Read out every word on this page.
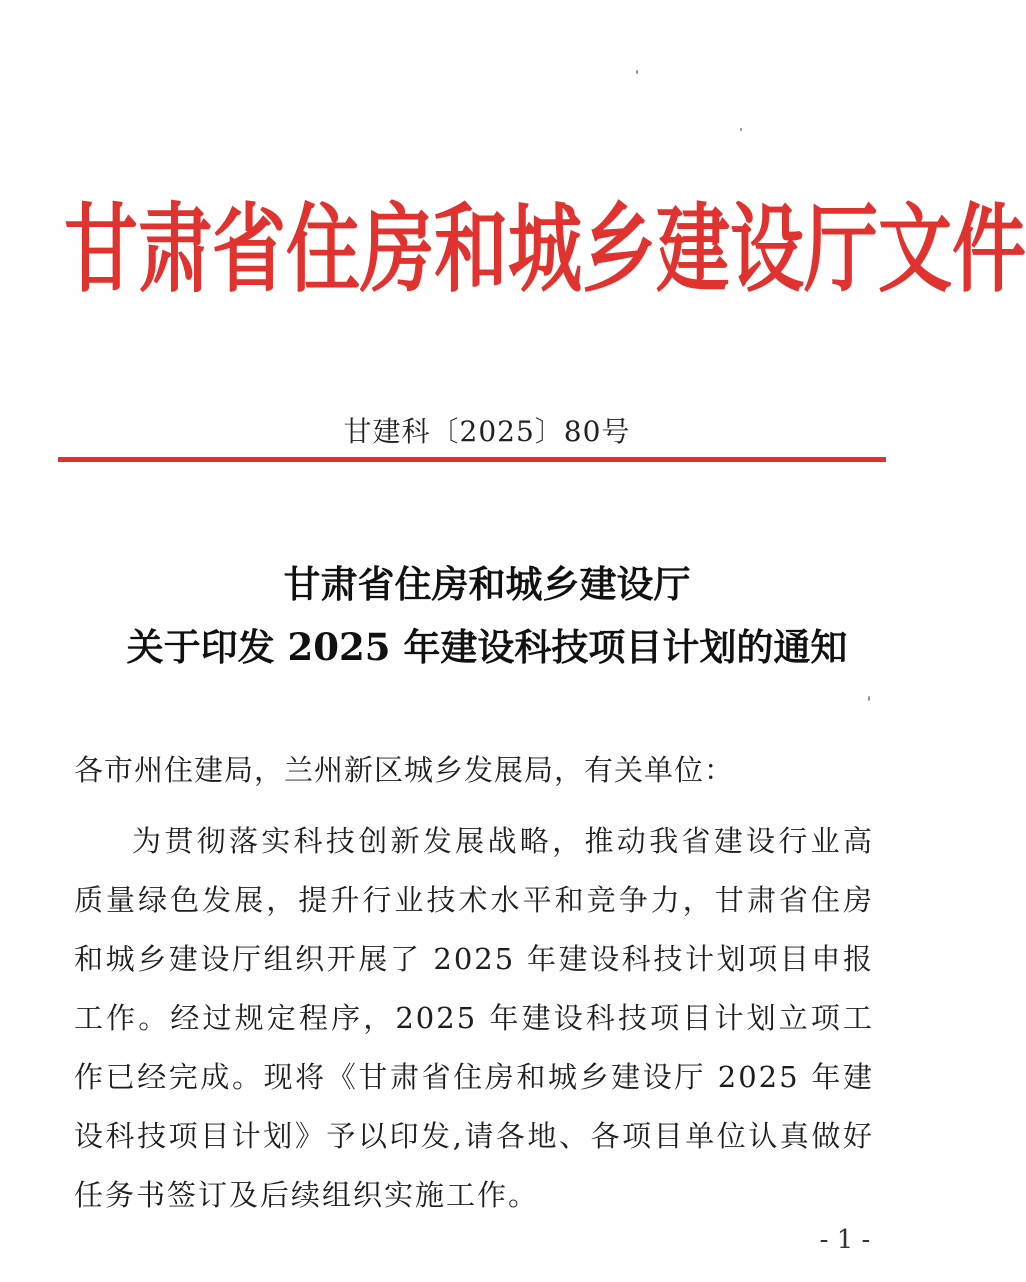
甘 肃 省 住 房 和 城 乡 建 设 厅 文 件
甘建科〔2025〕80号
甘肃省住房和城乡建设厅
关于印发 2025 年建设科技项目计划的通知
各市州住建局，兰州新区城乡发展局，有关单位：
为贯彻落实科技创新发展战略，推动我省建设行业高质量绿色发展，提升行业技术水平和竞争力，甘肃省住房和城乡建设厅组织开展了 2025 年建设科技计划项目申报工作。经过规定程序，2025 年建设科技项目计划立项工作已经完成。现将《甘肃省住房和城乡建设厅 2025 年建设科技项目计划》予以印发,请各地、各项目单位认真做好任务书签订及后续组织实施工作。
- 1 -
